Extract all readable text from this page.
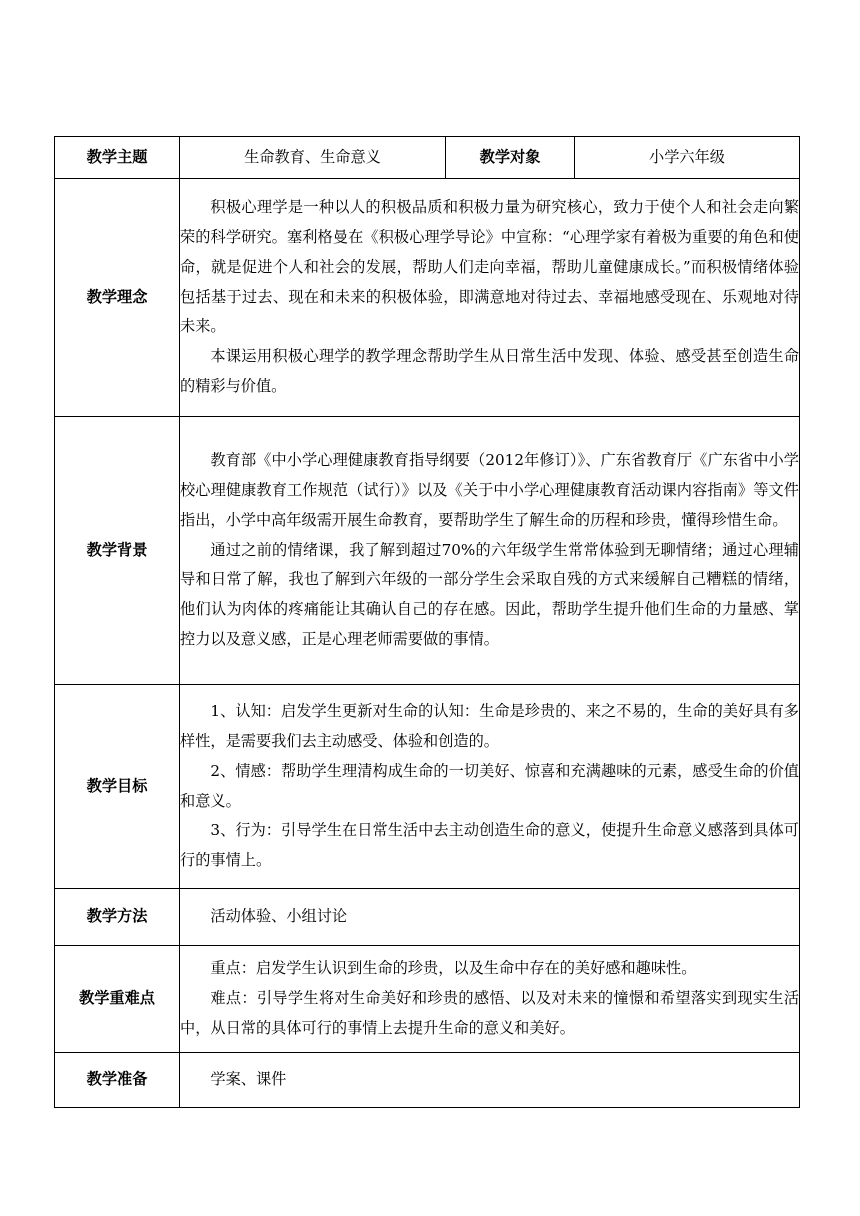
教学主题	生命教育、生命意义	教学对象	小学六年级
教学理念	积极心理学是一种以人的积极品质和积极力量为研究核心，致力于使个人和社会走向繁荣的科学研究。塞利格曼在《积极心理学导论》中宣称：“心理学家有着极为重要的角色和使命，就是促进个人和社会的发展，帮助人们走向幸福，帮助儿童健康成长。”而积极情绪体验包括基于过去、现在和未来的积极体验，即满意地对待过去、幸福地感受现在、乐观地对待未来。

本课运用积极心理学的教学理念帮助学生从日常生活中发现、体验、感受甚至创造生命的精彩与价值。		

教学背景	教育部《中小学心理健康教育指导纲要（2012年修订）》、广东省教育厅《广东省中小学校心理健康教育工作规范（试行）》以及《关于中小学心理健康教育活动课内容指南》等文件指出，小学中高年级需开展生命教育，要帮助学生了解生命的历程和珍贵，懂得珍惜生命。

通过之前的情绪课，我了解到超过70%的六年级学生常常体验到无聊情绪；通过心理辅导和日常了解，我也了解到六年级的一部分学生会采取自残的方式来缓解自己糟糕的情绪，他们认为肉体的疼痛能让其确认自己的存在感。因此，帮助学生提升他们生命的力量感、掌控力以及意义感，正是心理老师需要做的事情。		

教学目标	1、认知：启发学生更新对生命的认知：生命是珍贵的、来之不易的，生命的美好具有多样性，是需要我们去主动感受、体验和创造的。

2、情感：帮助学生理清构成生命的一切美好、惊喜和充满趣味的元素，感受生命的价值和意义。

3、行为：引导学生在日常生活中去主动创造生命的意义，使提升生命意义感落到具体可行的事情上。		

教学方法	活动体验、小组讨论		

教学重难点	重点：启发学生认识到生命的珍贵，以及生命中存在的美好感和趣味性。

难点：引导学生将对生命美好和珍贵的感悟、以及对未来的憧憬和希望落实到现实生活中，从日常的具体可行的事情上去提升生命的意义和美好。		

教学准备	学案、课件		
